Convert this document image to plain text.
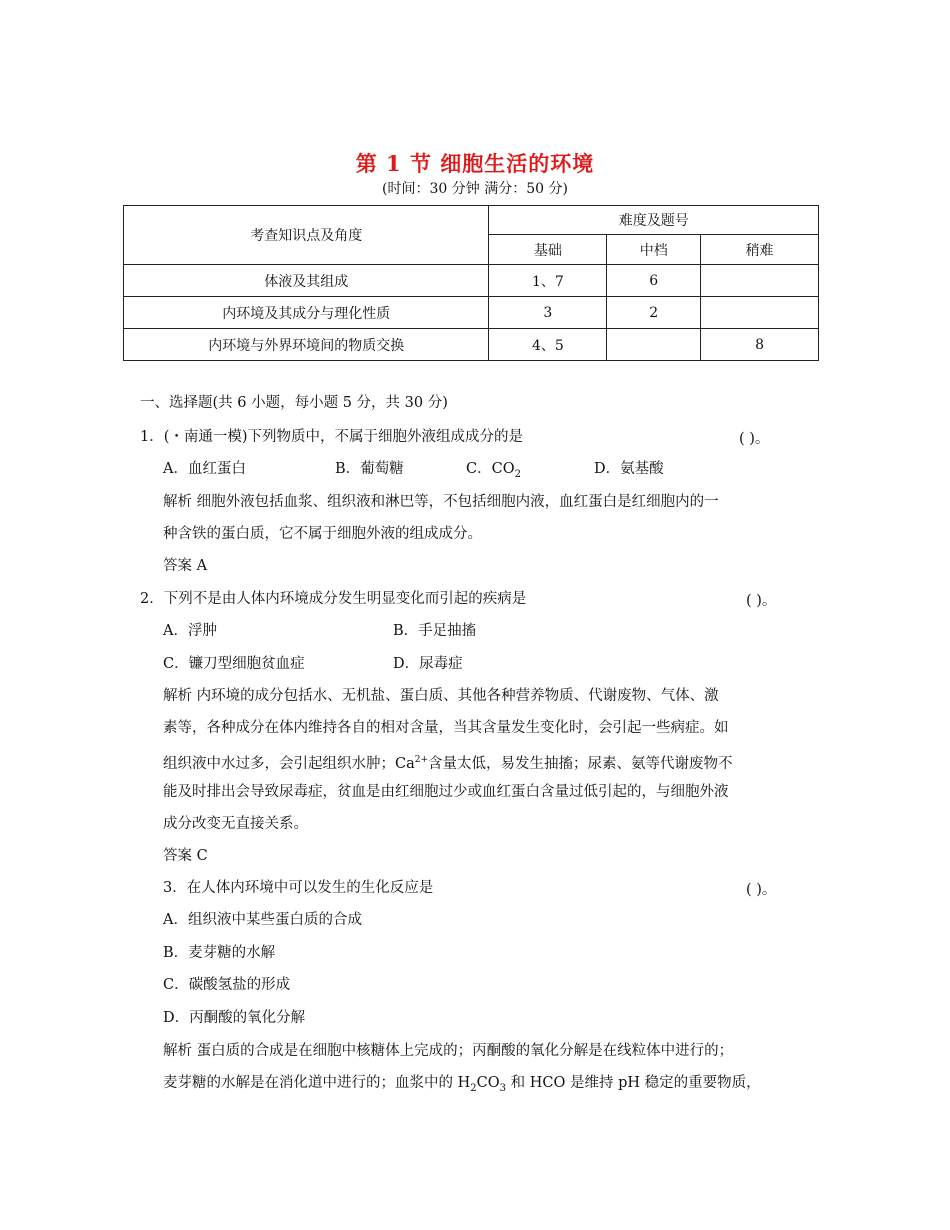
第 1 节 细胞生活的环境
(时间：30 分钟 满分：50 分)
考查知识点及角度	难度及题号		
	基础	中档	稍难
体液及其组成	1、7	6	
内环境及其成分与理化性质	3	2	
内环境与外界环境间的物质交换	4、5		8
一、选择题(共 6 小题，每小题 5 分，共 30 分)
1．(・南通一模)下列物质中，不属于细胞外液组成成分的是	( )。
A．血红蛋白	B．葡萄糖	C．$CO_2$	D．氨基酸
解析 细胞外液包括血浆、组织液和淋巴等，不包括细胞内液，血红蛋白是红细胞内的一
种含铁的蛋白质，它不属于细胞外液的组成成分。
答案 A
2．下列不是由人体内环境成分发生明显变化而引起的疾病是	( )。
A．浮肿	B．手足抽搐
C．镰刀型细胞贫血症	D．尿毒症
解析 内环境的成分包括水、无机盐、蛋白质、其他各种营养物质、代谢废物、气体、激
素等，各种成分在体内维持各自的相对含量，当其含量发生变化时，会引起一些病症。如
组织液中水过多，会引起组织水肿；$Ca^{2+}$含量太低，易发生抽搐；尿素、氨等代谢废物不
能及时排出会导致尿毒症，贫血是由红细胞过少或血红蛋白含量过低引起的，与细胞外液
成分改变无直接关系。
答案 C
3．在人体内环境中可以发生的生化反应是	( )。
A．组织液中某些蛋白质的合成
B．麦芽糖的水解
C．碳酸氢盐的形成
D．丙酮酸的氧化分解
解析 蛋白质的合成是在细胞中核糖体上完成的；丙酮酸的氧化分解是在线粒体中进行的；
麦芽糖的水解是在消化道中进行的；血浆中的 $H_2CO_3$ 和 HCO 是维持 pH 稳定的重要物质，
